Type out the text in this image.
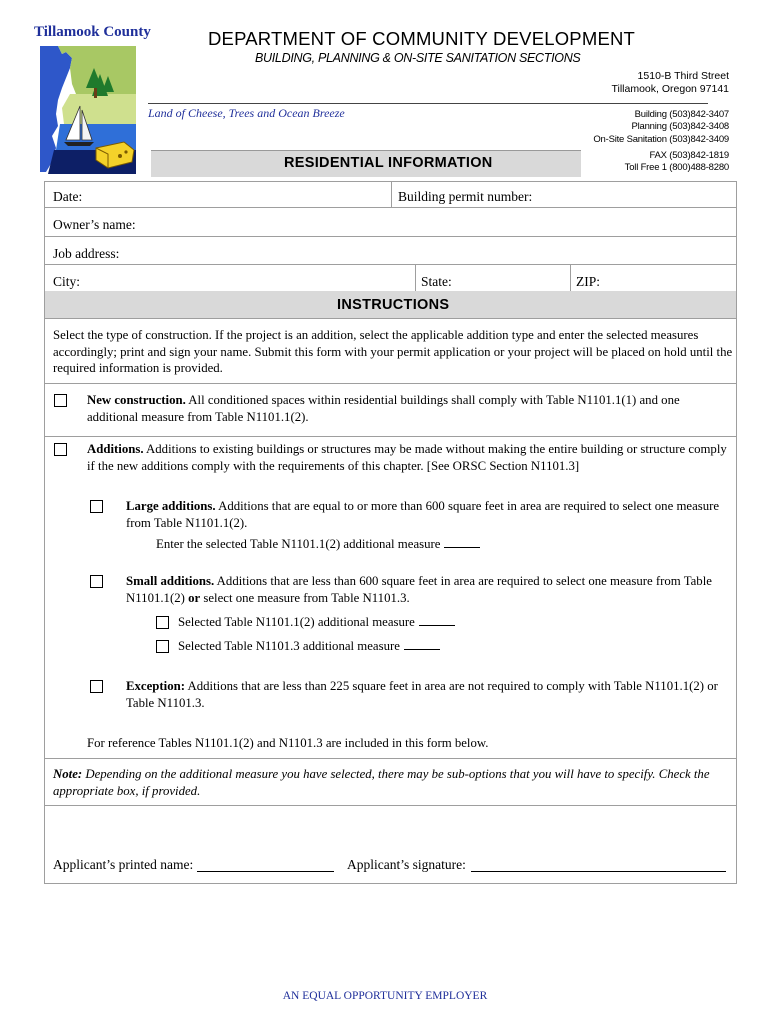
Tillamook County	DEPARTMENT OF COMMUNITY DEVELOPMENT
BUILDING, PLANNING & ON-SITE SANITATION SECTIONS
1510-B Third Street
Tillamook, Oregon 97141
Land of Cheese, Trees and Ocean Breeze	Building (503)842-3407
Planning (503)842-3408
On-Site Sanitation (503)842-3409
FAX (503)842-1819
Toll Free 1 (800)488-8280
RESIDENTIAL INFORMATION
Date:	Building permit number:
Owner’s name:
Job address:
City:	State:	ZIP:
INSTRUCTIONS
Select the type of construction. If the project is an addition, select the applicable addition type and enter the selected measures accordingly; print and sign your name. Submit this form with your permit application or your project will be placed on hold until the required information is provided.
New construction. All conditioned spaces within residential buildings shall comply with Table N1101.1(1) and one additional measure from Table N1101.1(2).
Additions. Additions to existing buildings or structures may be made without making the entire building or structure comply if the new additions comply with the requirements of this chapter. [See ORSC Section N1101.3]
Large additions. Additions that are equal to or more than 600 square feet in area are required to select one measure from Table N1101.1(2).
Enter the selected Table N1101.1(2) additional measure
Small additions. Additions that are less than 600 square feet in area are required to select one measure from Table N1101.1(2) or select one measure from Table N1101.3.
Selected Table N1101.1(2) additional measure
Selected Table N1101.3 additional measure
Exception: Additions that are less than 225 square feet in area are not required to comply with Table N1101.1(2) or Table N1101.3.
For reference Tables N1101.1(2) and N1101.3 are included in this form below.
Note: Depending on the additional measure you have selected, there may be sub-options that you will have to specify. Check the appropriate box, if provided.
Applicant’s printed name:	Applicant’s signature:
AN EQUAL OPPORTUNITY EMPLOYER
